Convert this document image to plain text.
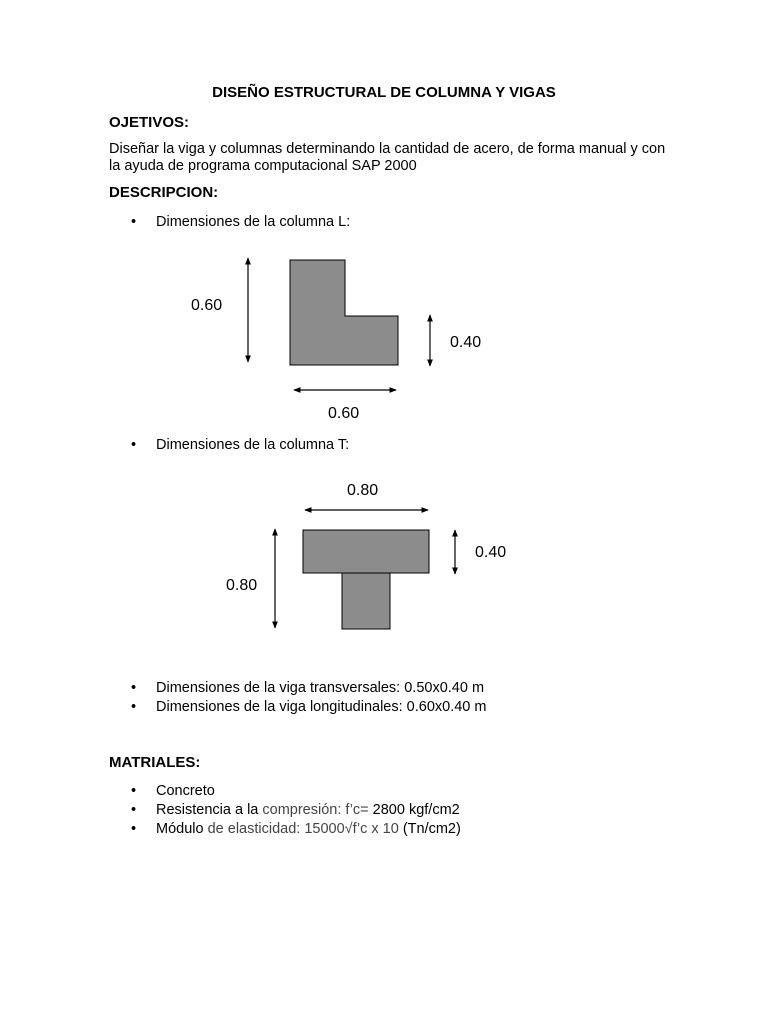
DISEÑO ESTRUCTURAL DE COLUMNA Y VIGAS
OJETIVOS:
Diseñar la viga y columnas determinando la cantidad de acero, de forma manual y con
la ayuda de programa computacional SAP 2000
DESCRIPCION:
• Dimensiones de la columna L:
0.60
0.40
0.60
0.80
0.40
0.80
• Dimensiones de la columna T:
• Dimensiones de la viga transversales: 0.50x0.40 m
• Dimensiones de la viga longitudinales: 0.60x0.40 m
MATRIALES:
• Concreto
• Resistencia a la compresión: f’c= 2800 kgf/cm2
• Módulo de elasticidad: 15000√f’c x 10 (Tn/cm2)
